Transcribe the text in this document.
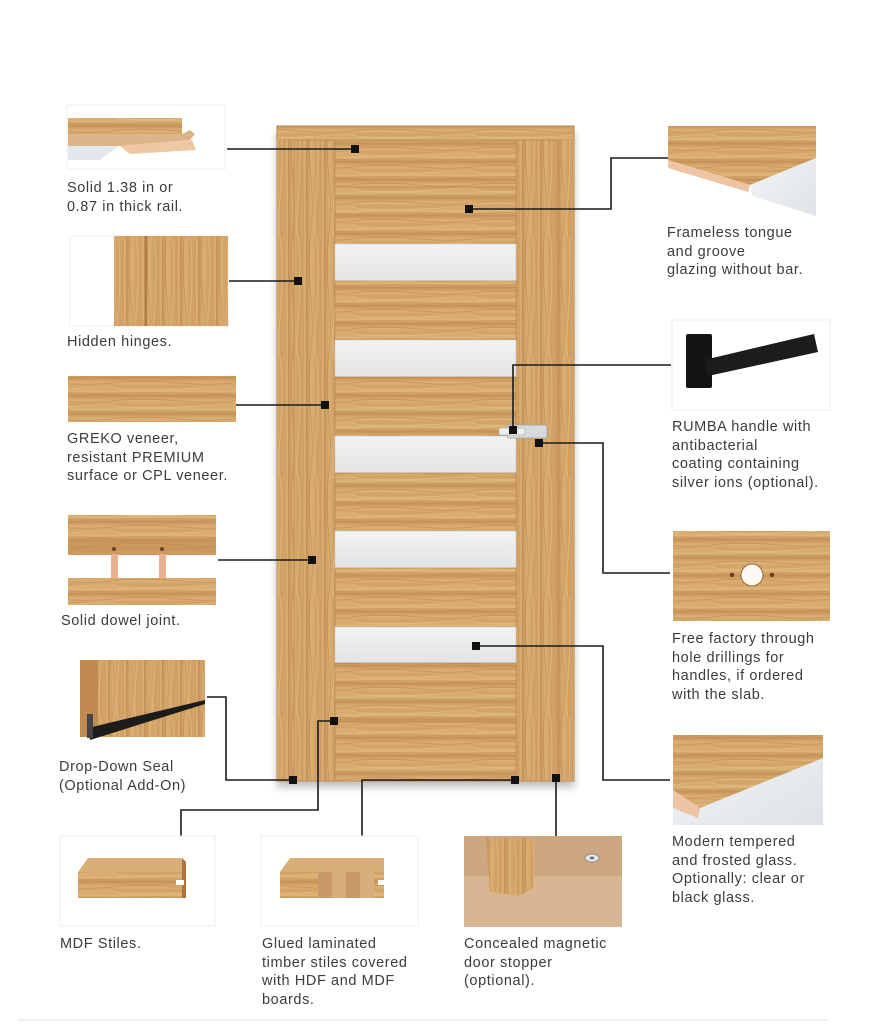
Solid 1.38 in or
0.87 in thick rail.

Hidden hinges.

GREKO veneer,
resistant PREMIUM
surface or CPL veneer.

Solid dowel joint.

Drop-Down Seal
(Optional Add-On)

MDF Stiles.	Glued laminated
timber stiles covered
with HDF and MDF
boards.

Concealed magnetic
door stopper
(optional).

Frameless tongue
and groove
glazing without bar.

RUMBA handle with
antibacterial
coating containing
silver ions (optional).

Free factory through
hole drillings for
handles, if ordered
with the slab.

Modern tempered
and frosted glass.
Optionally: clear or
black glass.
